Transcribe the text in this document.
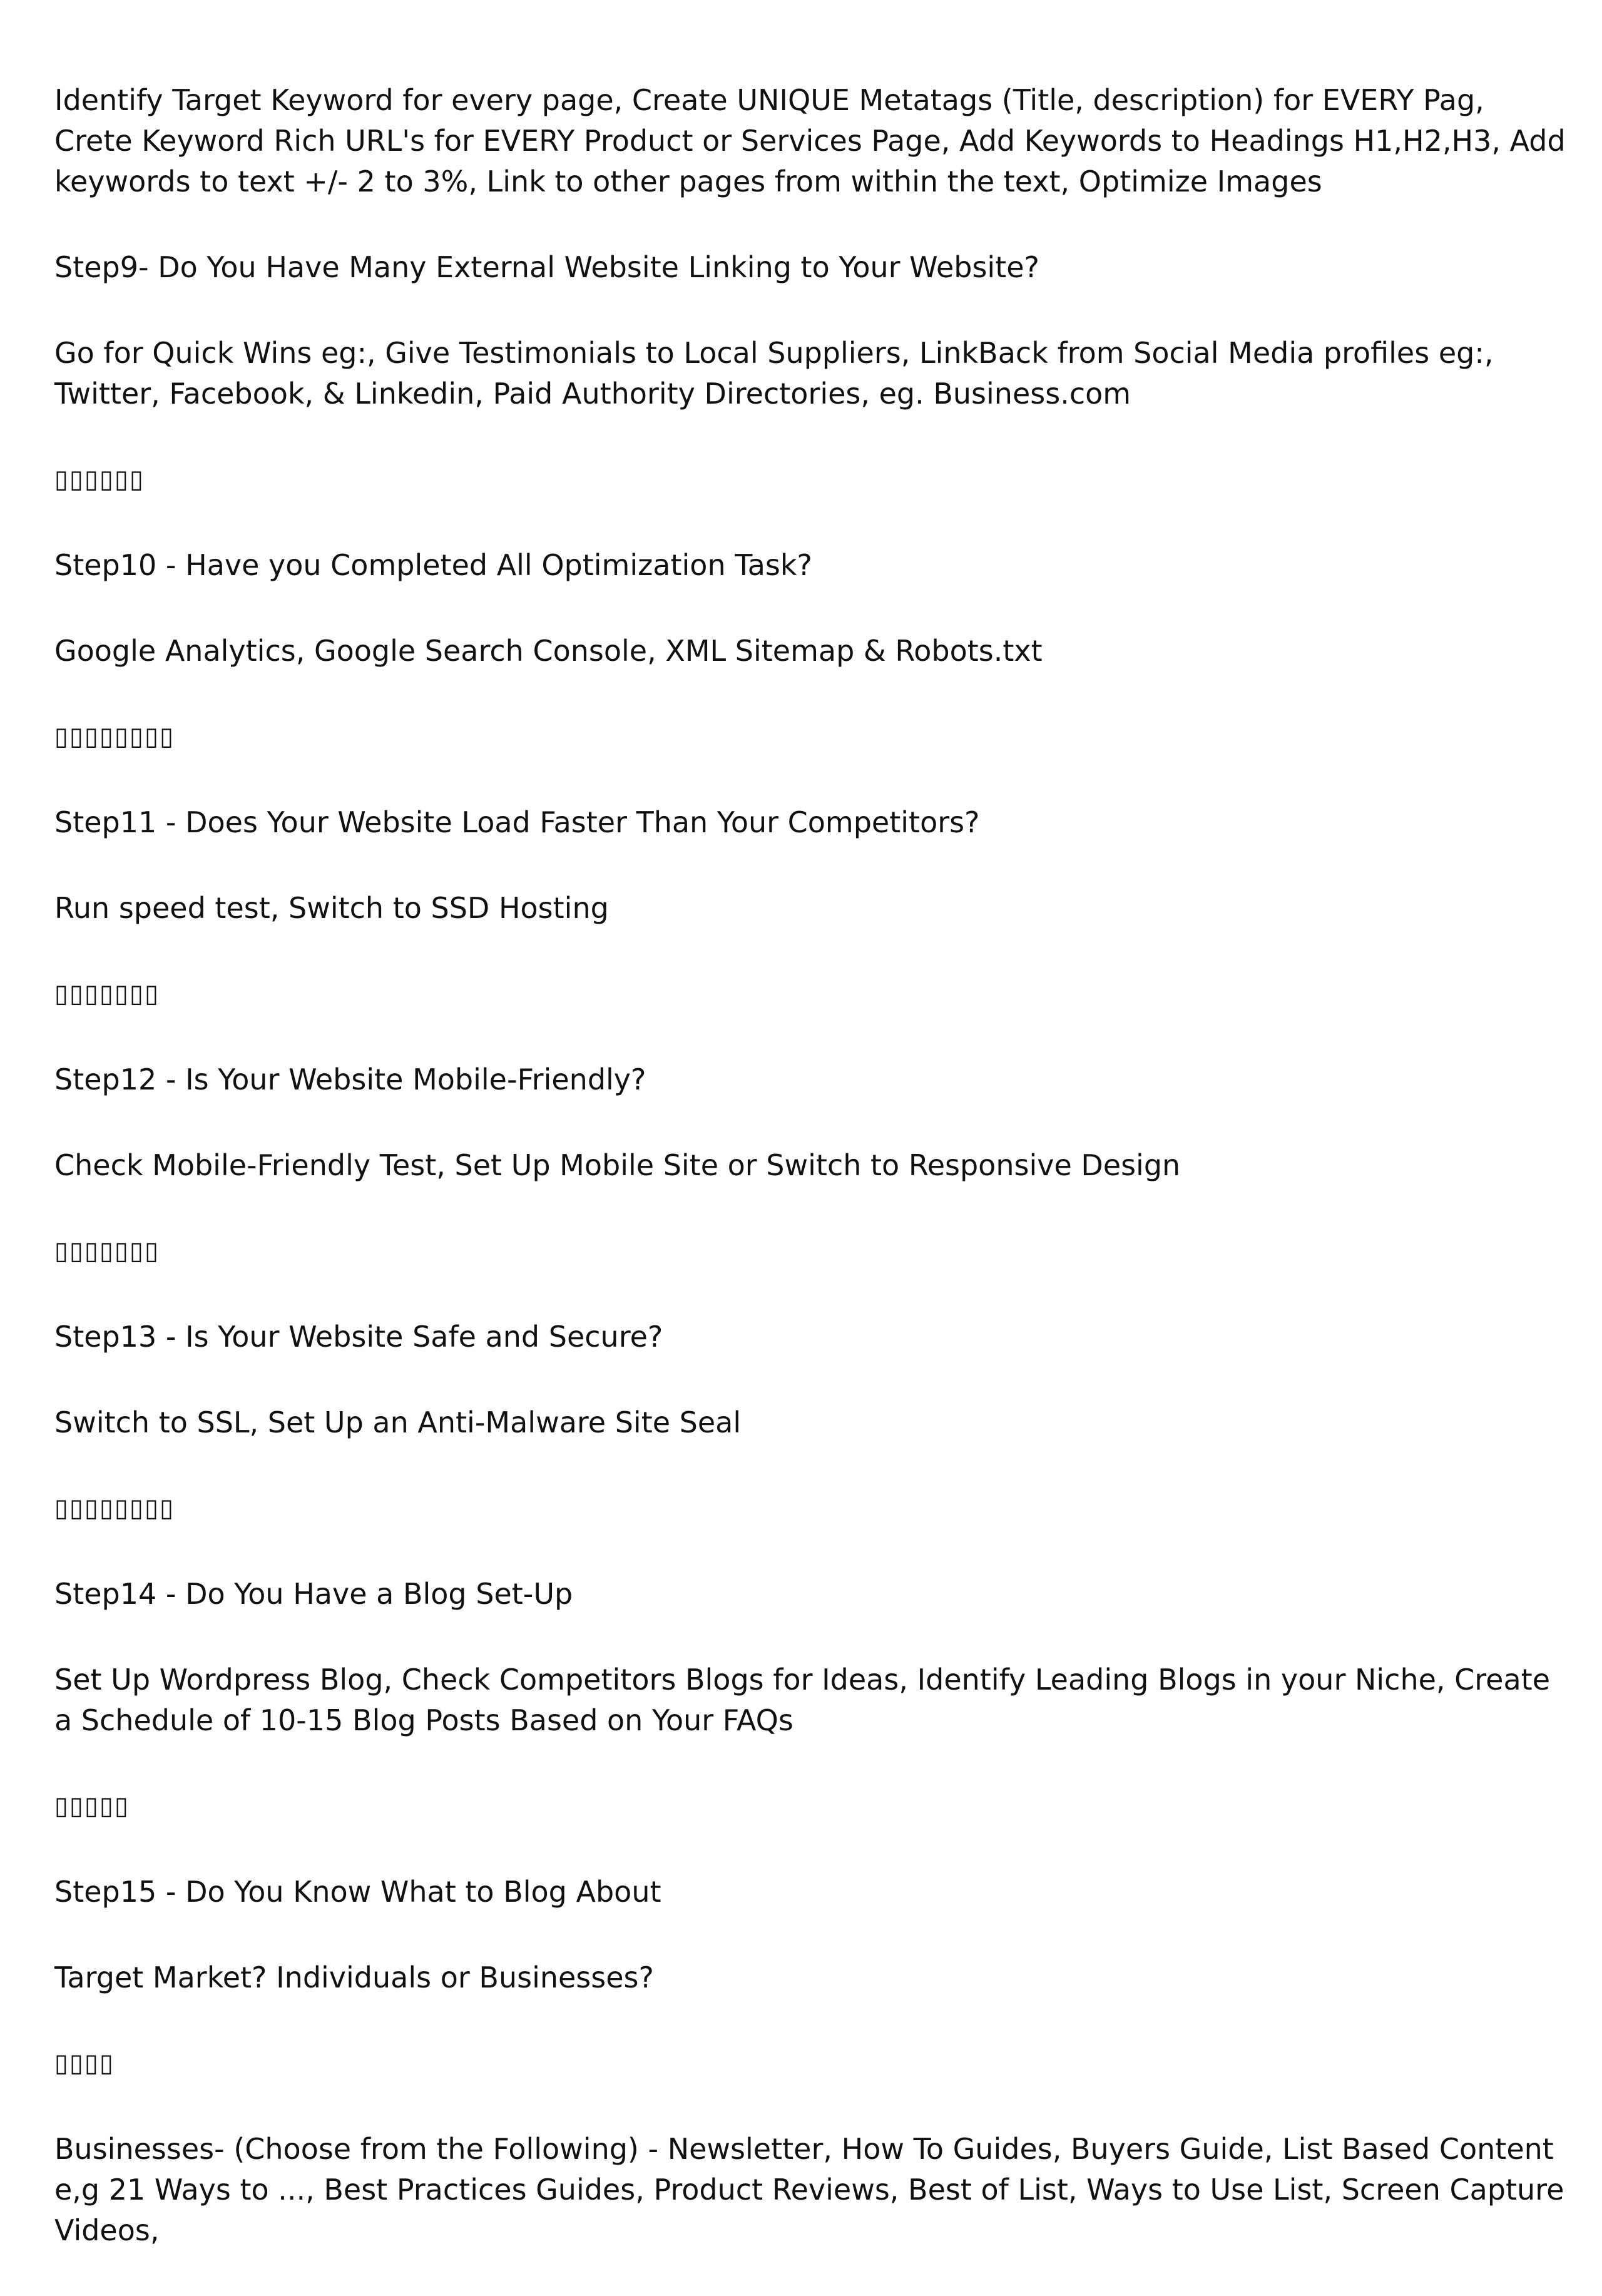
Identify Target Keyword for every page, Create UNIQUE Metatags (Title, description) for EVERY Pag, Crete Keyword Rich URL's for EVERY Product or Services Page, Add Keywords to Headings H1,H2,H3, Add keywords to text +/- 2 to 3%, Link to other pages from within the text, Optimize Images

Step9- Do You Have Many External Website Linking to Your Website?

Go for Quick Wins eg:, Give Testimonials to Local Suppliers, LinkBack from Social Media profiles eg:, Twitter, Facebook, & Linkedin, Paid Authority Directories, eg. Business.com

▯▯▯▯▯▯

Step10 - Have you Completed All Optimization Task?

Google Analytics, Google Search Console, XML Sitemap & Robots.txt

▯▯▯▯▯▯▯▯

Step11 - Does Your Website Load Faster Than Your Competitors?

Run speed test, Switch to SSD Hosting

▯▯▯▯▯▯▯

Step12 - Is Your Website Mobile-Friendly?

Check Mobile-Friendly Test, Set Up Mobile Site or Switch to Responsive Design

▯▯▯▯▯▯▯

Step13 - Is Your Website Safe and Secure?

Switch to SSL, Set Up an Anti-Malware Site Seal

▯▯▯▯▯▯▯▯

Step14 - Do You Have a Blog Set-Up

Set Up Wordpress Blog, Check Competitors Blogs for Ideas, Identify Leading Blogs in your Niche, Create a Schedule of 10-15 Blog Posts Based on Your FAQs

▯▯▯▯▯

Step15 - Do You Know What to Blog About

Target Market? Individuals or Businesses?

▯▯▯▯

Businesses- (Choose from the Following) - Newsletter, How To Guides, Buyers Guide, List Based Content e,g 21 Ways to ..., Best Practices Guides, Product Reviews, Best of List, Ways to Use List, Screen Capture Videos,
